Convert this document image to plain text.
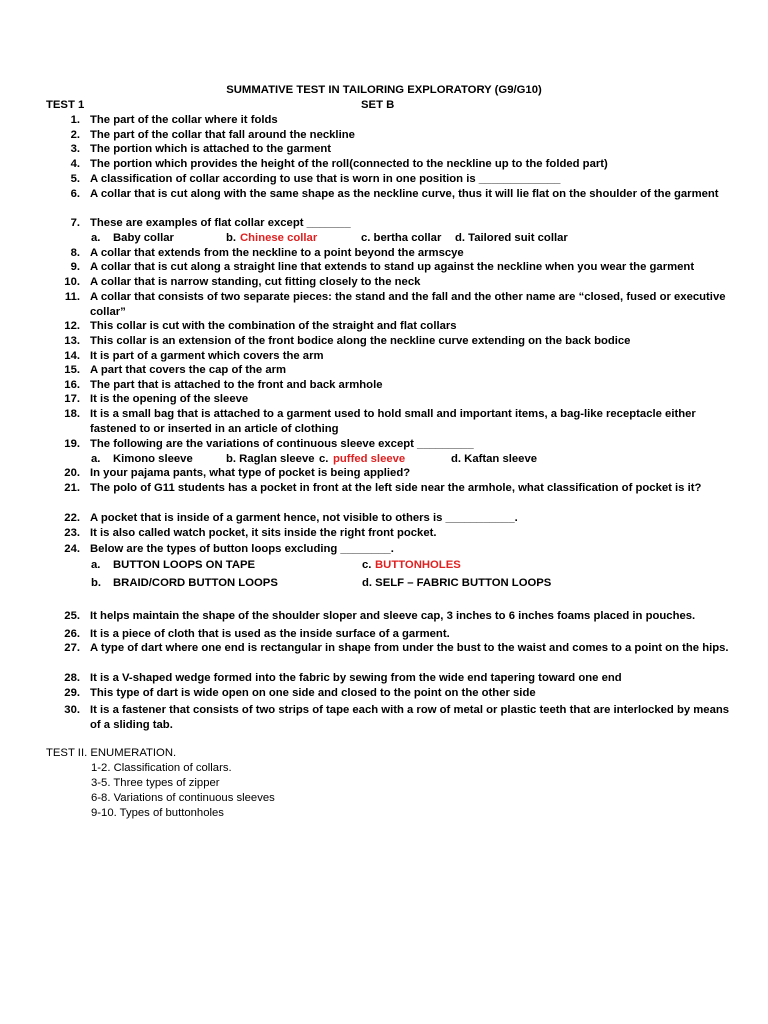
SUMMATIVE TEST IN TAILORING EXPLORATORY (G9/G10)
TEST 1	SET B
1. The part of the collar where it folds
2. The part of the collar that fall around the neckline
3. The portion which is attached to the garment
4. The portion which provides the height of the roll(connected to the neckline up to the folded part)
5. A classification of collar according to use that is worn in one position is _____________
6. A collar that is cut along with the same shape as the neckline curve, thus it will lie flat on the shoulder of the garment
7. These are examples of flat collar except _______
a. Baby collar	b. Chinese collar	c. bertha collar d. Tailored suit collar
8. A collar that extends from the neckline to a point beyond the armscye
9. A collar that is cut along a straight line that extends to stand up against the neckline when you wear the garment
10. A collar that is narrow standing, cut fitting closely to the neck
11. A collar that consists of two separate pieces: the stand and the fall and the other name are “closed, fused or executive collar”
12. This collar is cut with the combination of the straight and flat collars
13. This collar is an extension of the front bodice along the neckline curve extending on the back bodice
14. It is part of a garment which covers the arm
15. A part that covers the cap of the arm
16. The part that is attached to the front and back armhole
17. It is the opening of the sleeve
18. It is a small bag that is attached to a garment used to hold small and important items, a bag-like receptacle either fastened to or inserted in an article of clothing
19. The following are the variations of continuous sleeve except _________
a. Kimono sleeve	b. Raglan sleeve c. puffed sleeve	d. Kaftan sleeve
20. In your pajama pants, what type of pocket is being applied?
21. The polo of G11 students has a pocket in front at the left side near the armhole, what classification of pocket is it?
22. A pocket that is inside of a garment hence, not visible to others is ___________.
23. It is also called watch pocket, it sits inside the right front pocket.
24. Below are the types of button loops excluding ________.
a. BUTTON LOOPS ON TAPE	c. BUTTONHOLES
b. BRAID/CORD BUTTON LOOPS	d. SELF – FABRIC BUTTON LOOPS
25. It helps maintain the shape of the shoulder sloper and sleeve cap, 3 inches to 6 inches foams placed in pouches.
26. It is a piece of cloth that is used as the inside surface of a garment.
27. A type of dart where one end is rectangular in shape from under the bust to the waist and comes to a point on the hips.
28. It is a V-shaped wedge formed into the fabric by sewing from the wide end tapering toward one end
29. This type of dart is wide open on one side and closed to the point on the other side
30. It is a fastener that consists of two strips of tape each with a row of metal or plastic teeth that are interlocked by means of a sliding tab.
TEST II. ENUMERATION.
1-2. Classification of collars.
3-5. Three types of zipper
6-8. Variations of continuous sleeves
9-10. Types of buttonholes
